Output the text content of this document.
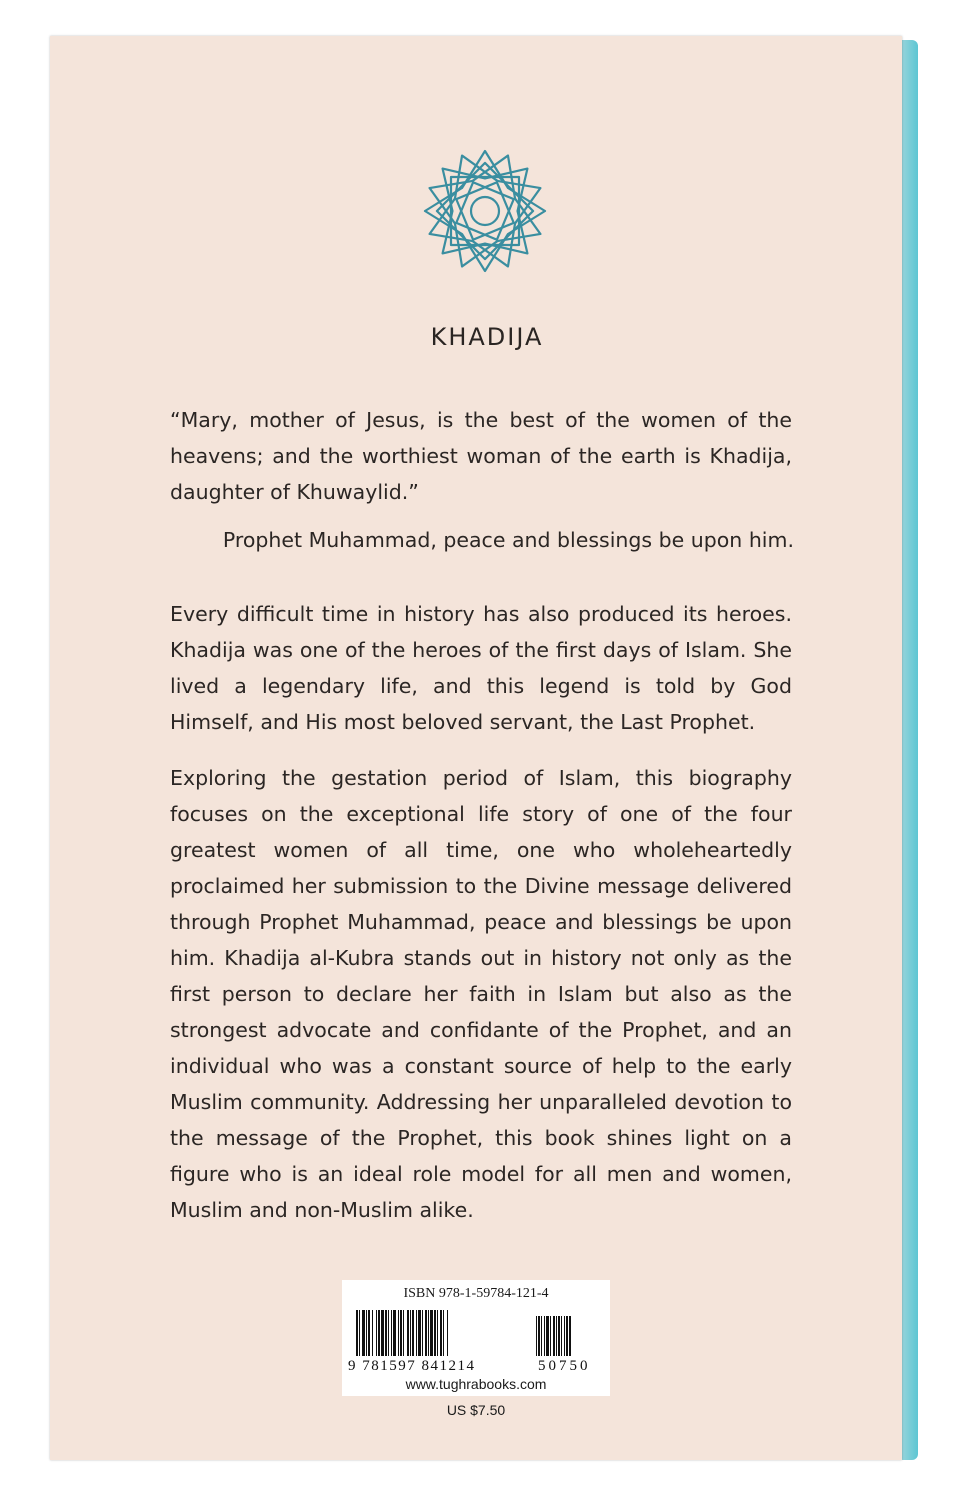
KHADIJA
“Mary, mother of Jesus, is the best of the women of the heavens; and the worthiest woman of the earth is Khadija, daughter of Khuwaylid.”
Prophet Muhammad, peace and blessings be upon him.
Every difficult time in history has also produced its heroes. Khadija was one of the heroes of the first days of Islam. She lived a legendary life, and this legend is told by God Himself, and His most beloved servant, the Last Prophet.
Exploring the gestation period of Islam, this biography focuses on the exceptional life story of one of the four greatest women of all time, one who wholeheartedly proclaimed her submission to the Divine message delivered through Prophet Muhammad, peace and blessings be upon him. Khadija al-Kubra stands out in history not only as the first person to declare her faith in Islam but also as the strongest advocate and confidante of the Prophet, and an individual who was a constant source of help to the early Muslim community. Addressing her unparalleled devotion to the message of the Prophet, this book shines light on a figure who is an ideal role model for all men and women, Muslim and non-Muslim alike.
ISBN 978-1-59784-121-4
9 781597 841214	50750
www.tughrabooks.com
US $7.50
